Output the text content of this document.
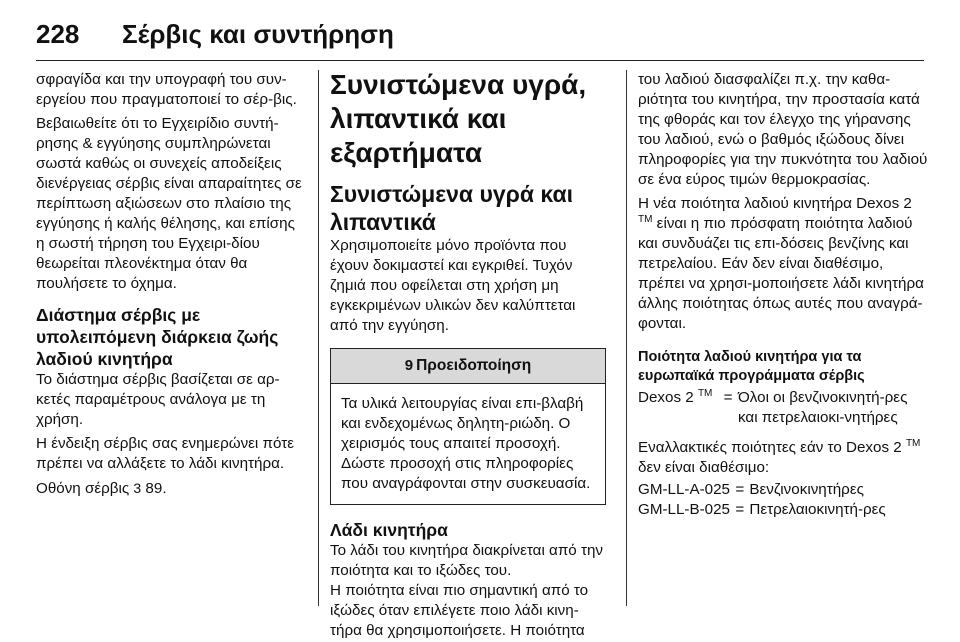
228	Σέρβις και συντήρηση

σφραγίδα και την υπογραφή του συν-εργείου που πραγματοποιεί το σέρ-βις.

Βεβαιωθείτε ότι το Εγχειρίδιο συντή-ρησης & εγγύησης συμπληρώνεται σωστά καθώς οι συνεχείς αποδείξεις διενέργειας σέρβις είναι απαραίτητες σε περίπτωση αξιώσεων στο πλαίσιο της εγγύησης ή καλής θέλησης, και επίσης η σωστή τήρηση του Εγχειρι-δίου θεωρείται πλεονέκτημα όταν θα πουλήσετε το όχημα.

Διάστημα σέρβις με υπολειπόμενη διάρκεια ζωής λαδιού κινητήρα

Το διάστημα σέρβις βασίζεται σε αρ-κετές παραμέτρους ανάλογα με τη χρήση.

Η ένδειξη σέρβις σας ενημερώνει πότε πρέπει να αλλάξετε το λάδι κινητήρα.

Οθόνη σέρβις 3 89.

Συνιστώμενα υγρά, λιπαντικά και εξαρτήματα

Συνιστώμενα υγρά και λιπαντικά

Χρησιμοποιείτε μόνο προϊόντα που έχουν δοκιμαστεί και εγκριθεί. Τυχόν ζημιά που οφείλεται στη χρήση μη εγκεκριμένων υλικών δεν καλύπτεται από την εγγύηση.

9 Προειδοποίηση

Τα υλικά λειτουργίας είναι επι-βλαβή και ενδεχομένως δηλητη-ριώδη. Ο χειρισμός τους απαιτεί προσοχή. Δώστε προσοχή στις πληροφορίες που αναγράφονται στην συσκευασία.

Λάδι κινητήρα

Το λάδι του κινητήρα διακρίνεται από την ποιότητα και το ιξώδες του.

Η ποιότητα είναι πιο σημαντική από το ιξώδες όταν επιλέγετε ποιο λάδι κινη-τήρα θα χρησιμοποιήσετε. Η ποιότητα

του λαδιού διασφαλίζει π.χ. την καθα-ριότητα του κινητήρα, την προστασία κατά της φθοράς και τον έλεγχο της γήρανσης του λαδιού, ενώ ο βαθμός ιξώδους δίνει πληροφορίες για την πυκνότητα του λαδιού σε ένα εύρος τιμών θερμοκρασίας.

Η νέα ποιότητα λαδιού κινητήρα Dexos 2 ™ είναι η πιο πρόσφατη ποιότητα λαδιού και συνδυάζει τις επι-δόσεις βενζίνης και πετρελαίου. Εάν δεν είναι διαθέσιμο, πρέπει να χρησι-μοποιήσετε λάδι κινητήρα άλλης ποιότητας όπως αυτές που αναγρά-φονται.

Ποιότητα λαδιού κινητήρα για τα ευρωπαϊκά προγράμματα σέρβις

Dexos 2 ™ = Όλοι οι βενζινοκινητή-ρες και πετρελαιοκι-νητήρες

Εναλλακτικές ποιότητες εάν το Dexos 2 ™ δεν είναι διαθέσιμο:

GM-LL-A-025 = Βενζινοκινητήρες
GM-LL-B-025 = Πετρελαιοκινητή-ρες
